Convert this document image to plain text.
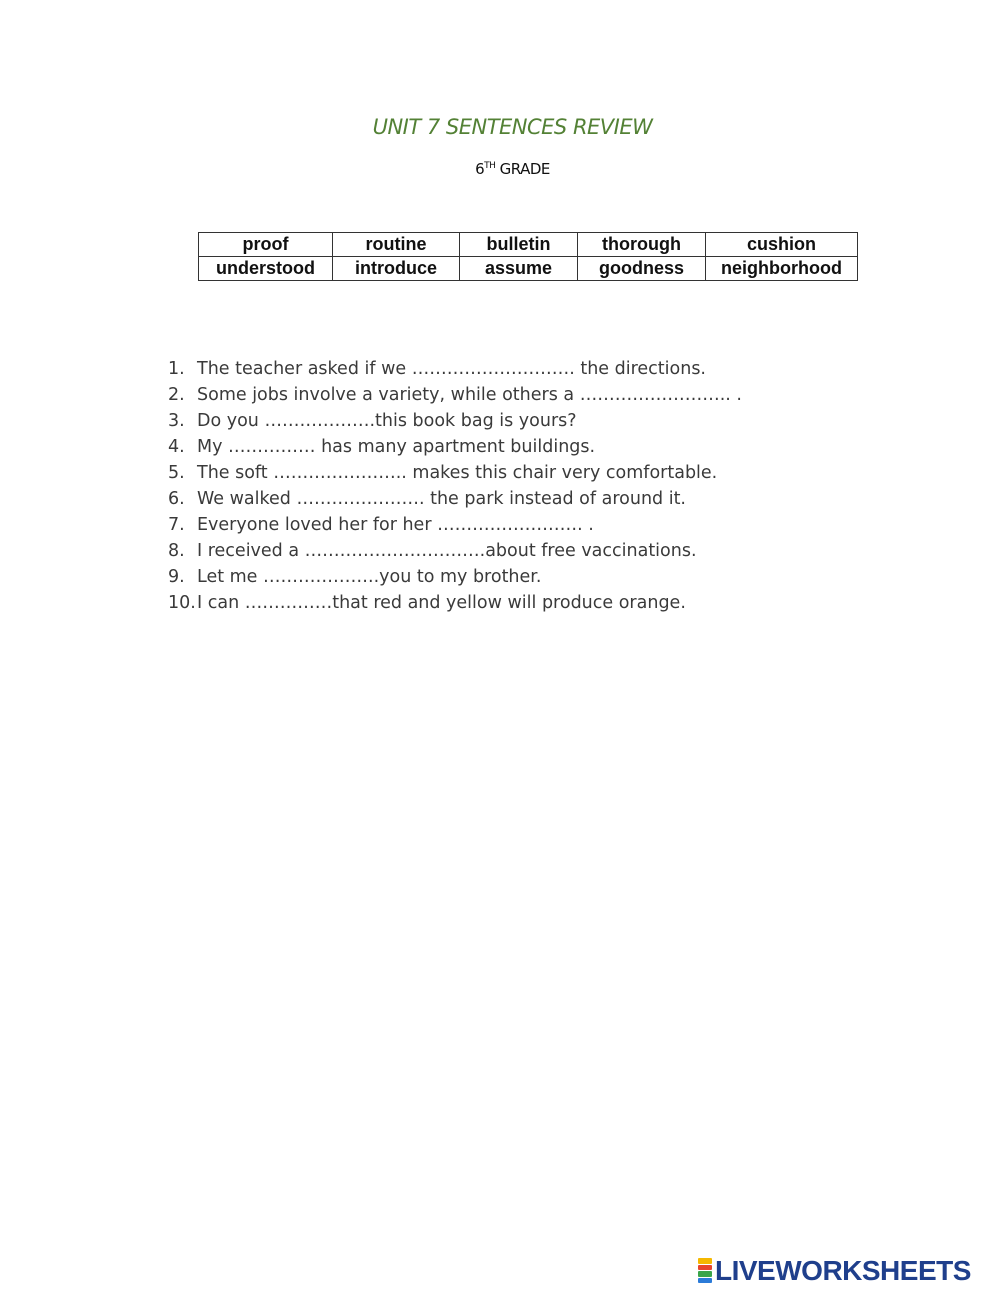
UNIT 7 SENTENCES REVIEW
6TH GRADE
proof	routine	bulletin	thorough	cushion
understood	introduce	assume	goodness	neighborhood
1. The teacher asked if we ………………………. the directions.
2. Some jobs involve a variety, while others a …………………….. .
3. Do you ……………….this book bag is yours?
4. My …………… has many apartment buildings.
5. The soft ………………….. makes this chair very comfortable.
6. We walked …………………. the park instead of around it.
7. Everyone loved her for her ……………………. .
8. I received a ………………………….about free vaccinations.
9. Let me ………………..you to my brother.
10.I can ……………that red and yellow will produce orange.
LIVEWORKSHEETS
